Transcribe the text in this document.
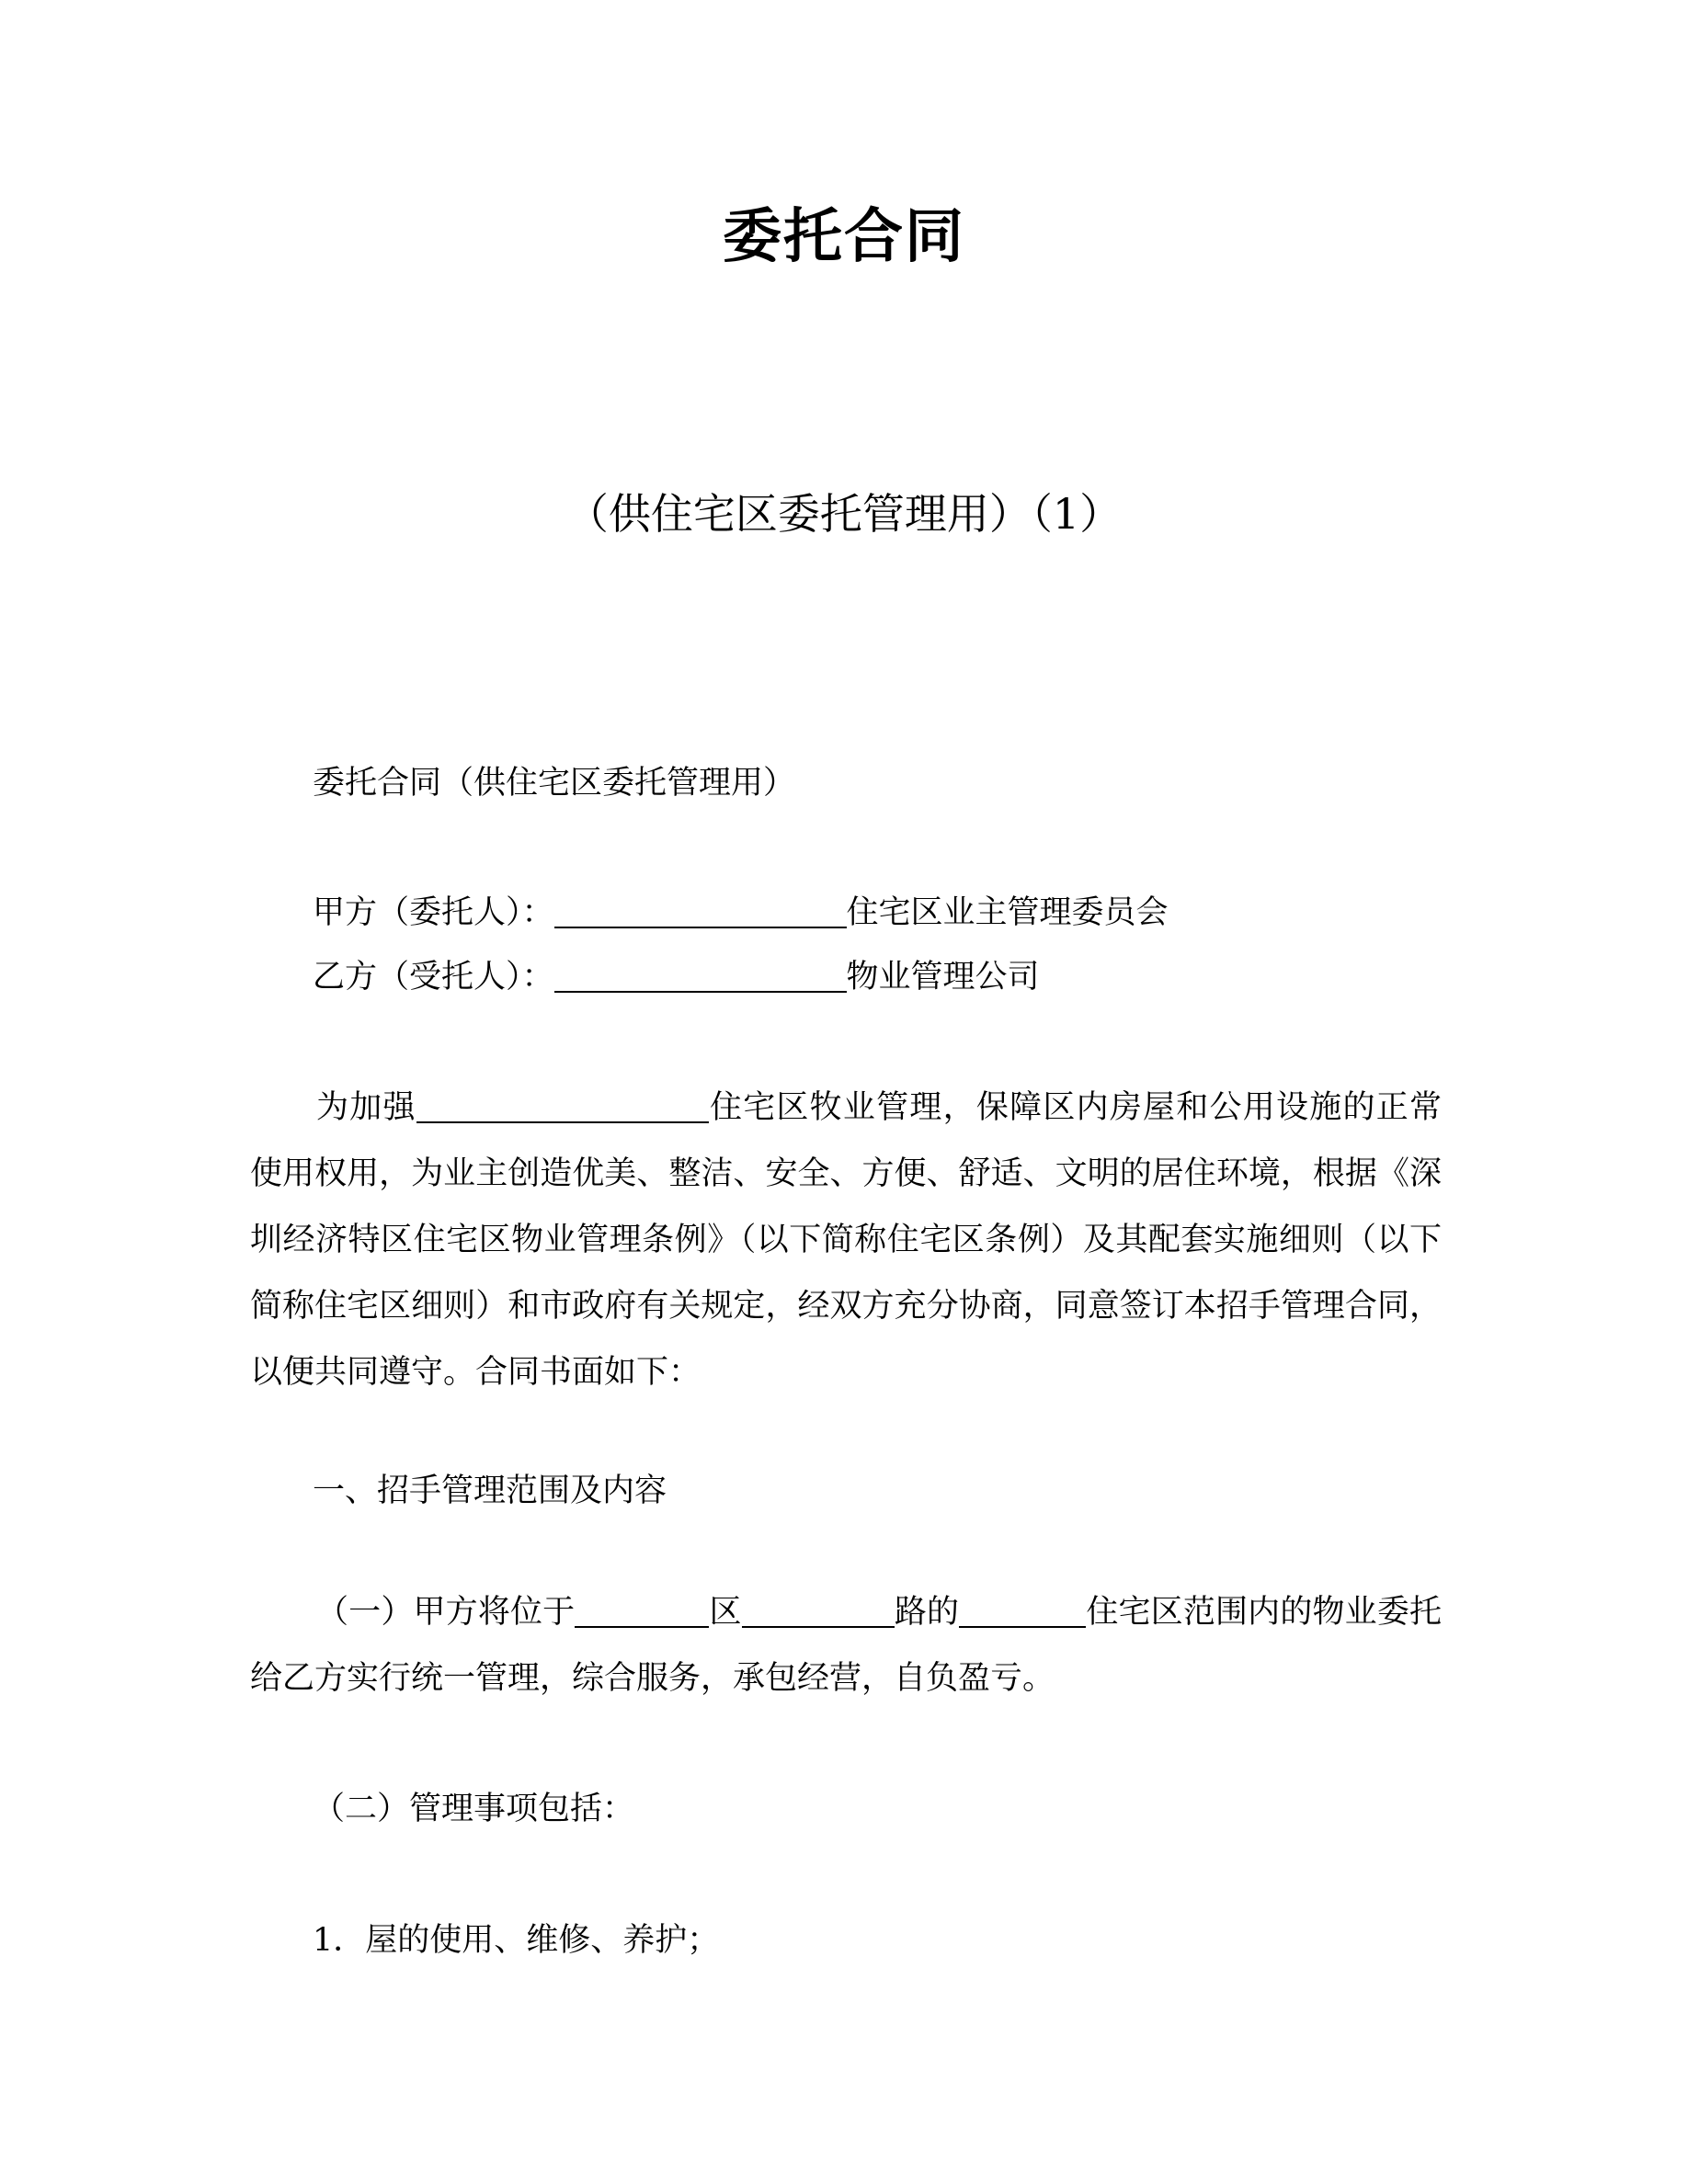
委托合同
（供住宅区委托管理用）（1）
委托合同（供住宅区委托管理用）
甲方（委托人）：	住宅区业主管理委员会
乙方（受托人）：	物业管理公司
为加强	住宅区牧业管理，保障区内房屋和公用设施的正常使用权用，为业主创造优美、整洁、安全、方便、舒适、文明的居住环境，根据《深圳经济特区住宅区物业管理条例》（以下简称住宅区条例）及其配套实施细则（以下简称住宅区细则）和市政府有关规定，经双方充分协商，同意签订本招手管理合同，以便共同遵守。合同书面如下：
一、招手管理范围及内容
（一）甲方将位于	区	路的	住宅区范围内的物业委托给乙方实行统一管理，综合服务，承包经营，自负盈亏。
（二）管理事项包括：
1．屋的使用、维修、养护；
